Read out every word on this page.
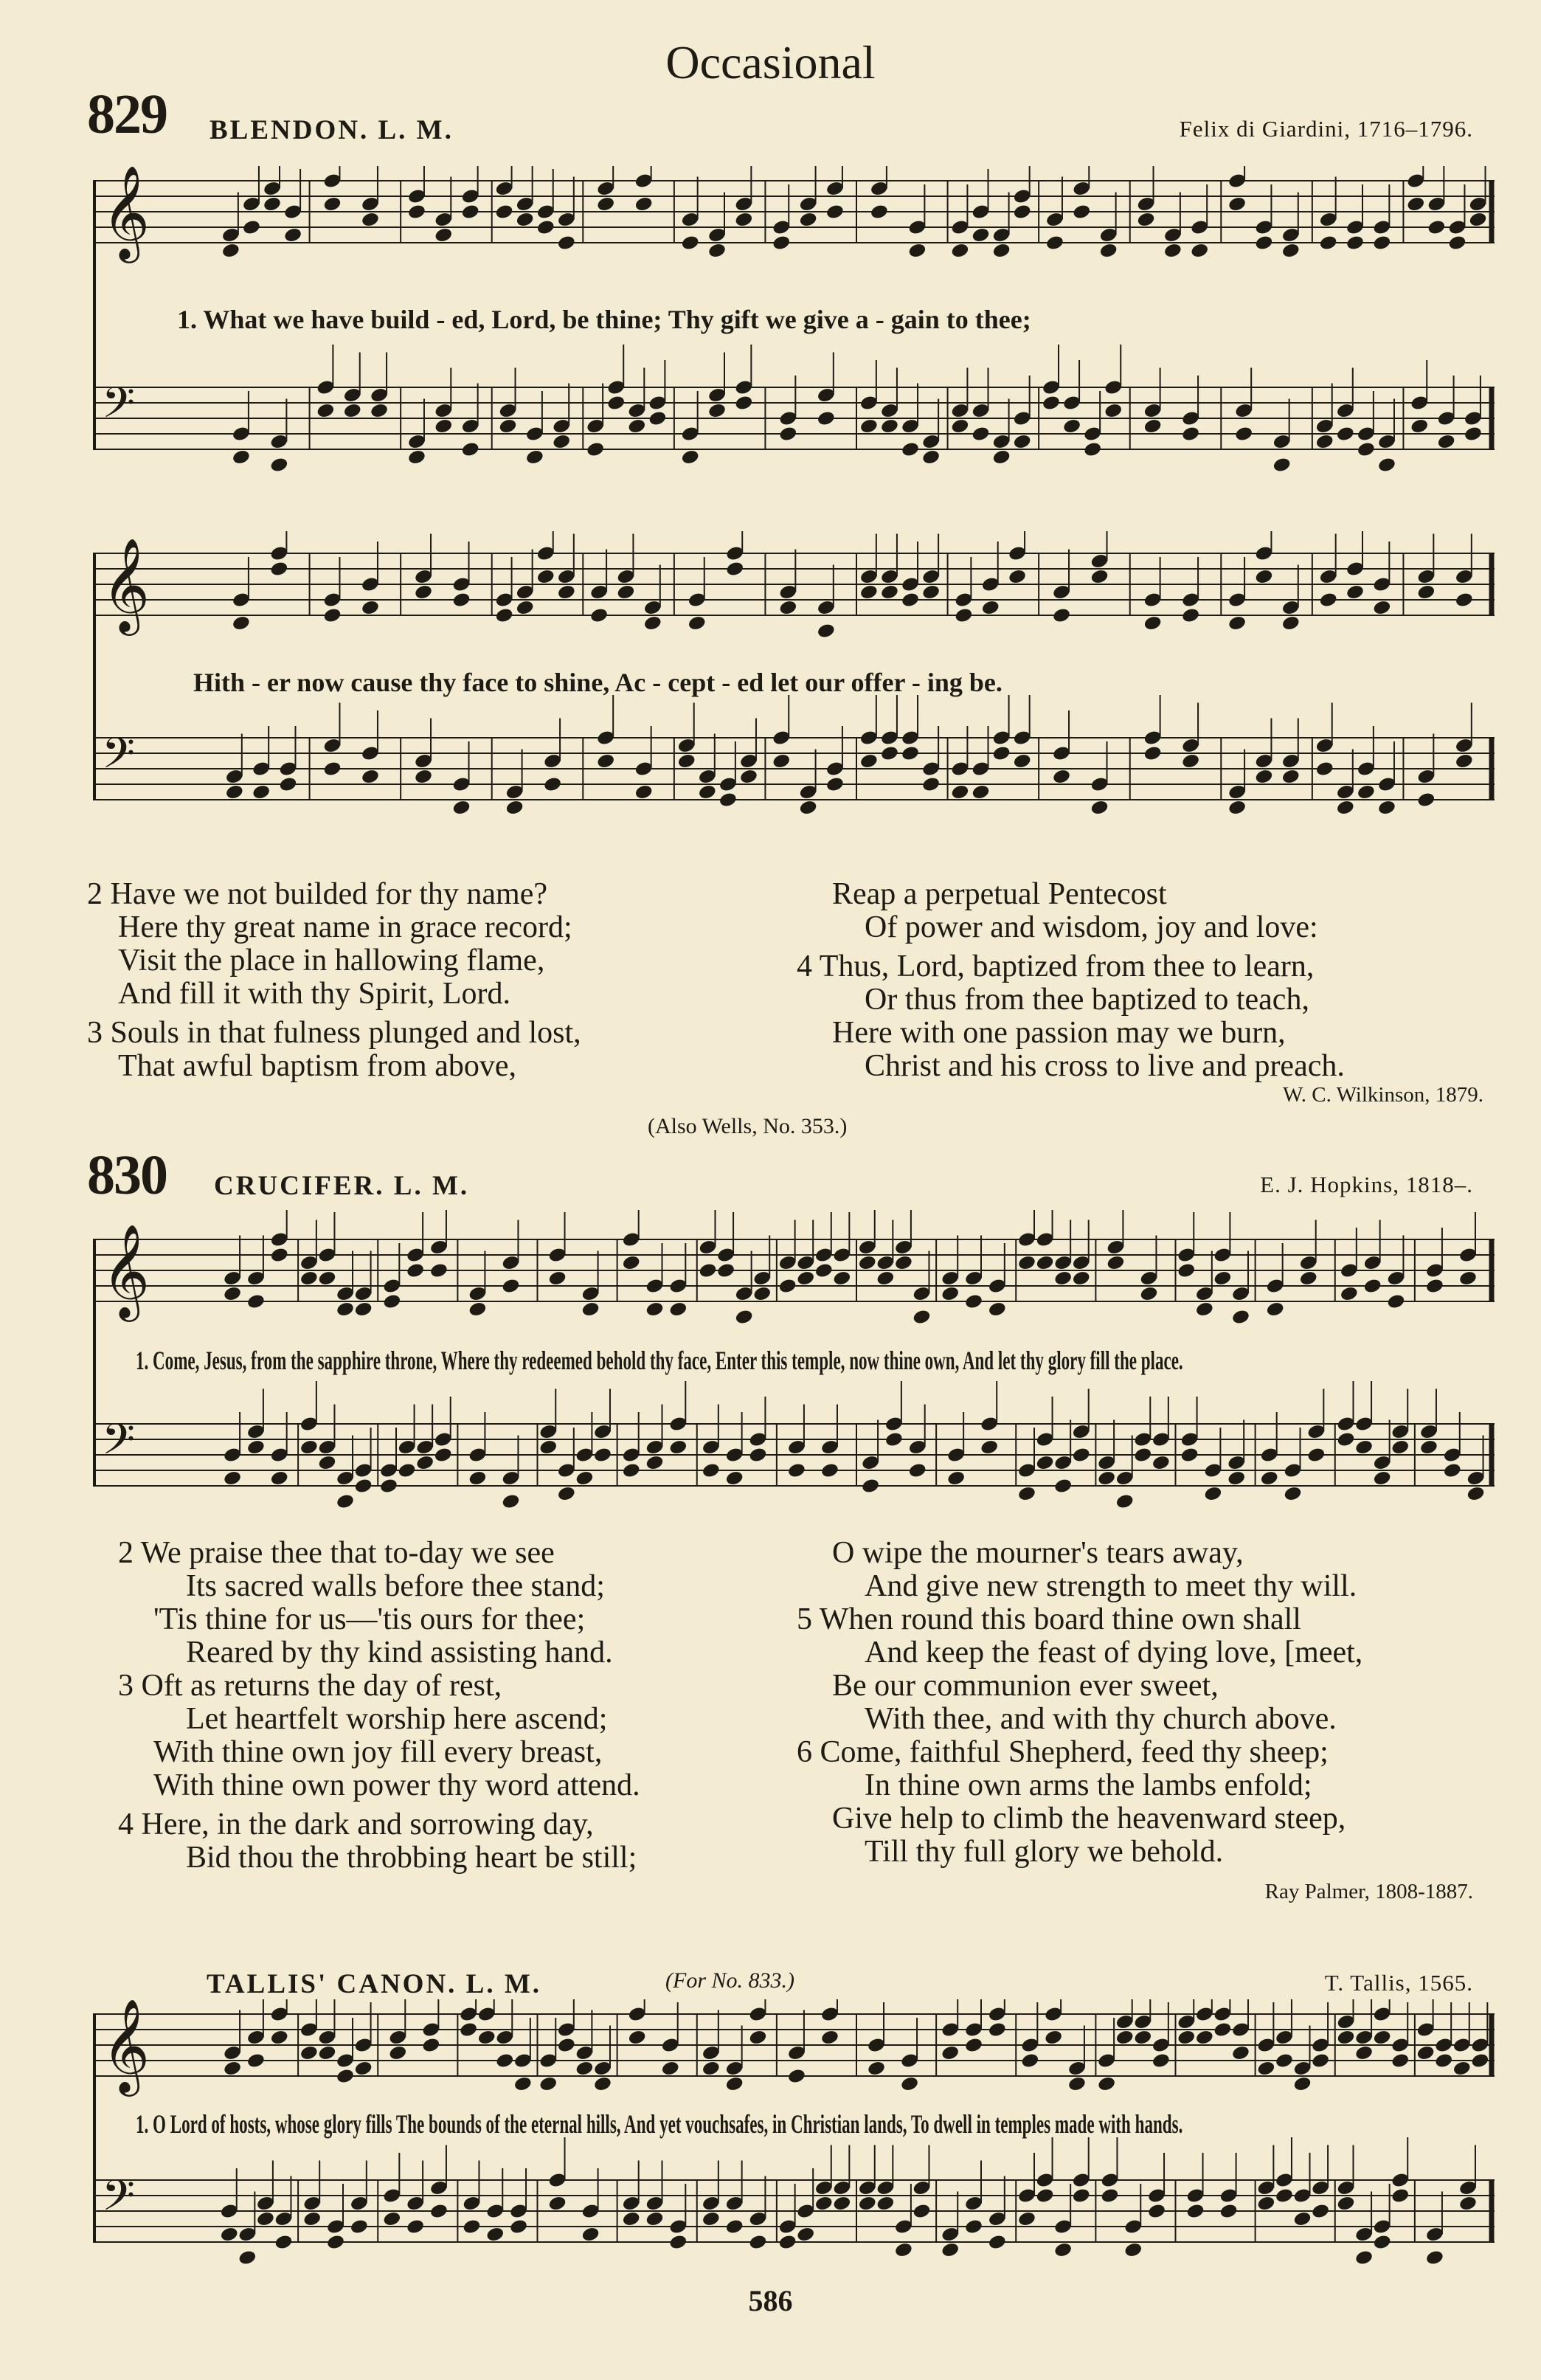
Occasional
829 BLENDON. L. M.	Felix di Giardini, 1716–1796.
𝄞
𝄢
1. What we have build - ed, Lord, be thine; Thy gift we give a - gain to thee;
𝄞
𝄢
Hith - er now cause thy face to shine, Ac - cept - ed let our offer - ing be.
2 Have we not builded for thy name?
Here thy great name in grace record;
Visit the place in hallowing flame,
And fill it with thy Spirit, Lord.
3 Souls in that fulness plunged and lost,
That awful baptism from above,
Reap a perpetual Pentecost
Of power and wisdom, joy and love:
4 Thus, Lord, baptized from thee to learn,
Or thus from thee baptized to teach,
Here with one passion may we burn,
Christ and his cross to live and preach.
W. C. Wilkinson, 1879.
(Also Wells, No. 353.)
830 CRUCIFER. L. M.	E. J. Hopkins, 1818–.
𝄞
𝄢
1. Come, Jesus, from the sapphire throne, Where thy redeemed behold thy face, Enter this temple, now thine own, And let thy glory fill the place.
2 We praise thee that to-day we see
Its sacred walls before thee stand;
'Tis thine for us—'tis ours for thee;
Reared by thy kind assisting hand.
3 Oft as returns the day of rest,
Let heartfelt worship here ascend;
With thine own joy fill every breast,
With thine own power thy word attend.
4 Here, in the dark and sorrowing day,
Bid thou the throbbing heart be still;
O wipe the mourner's tears away,
And give new strength to meet thy will.
5 When round this board thine own shall
And keep the feast of dying love, [meet,
Be our communion ever sweet,
With thee, and with thy church above.
6 Come, faithful Shepherd, feed thy sheep;
In thine own arms the lambs enfold;
Give help to climb the heavenward steep,
Till thy full glory we behold.
Ray Palmer, 1808-1887.
TALLIS' CANON. L. M.	(For No. 833.)	T. Tallis, 1565.
𝄞
𝄢
1. O Lord of hosts, whose glory fills The bounds of the eternal hills, And yet vouchsafes, in Christian lands, To dwell in temples made with hands.
586
